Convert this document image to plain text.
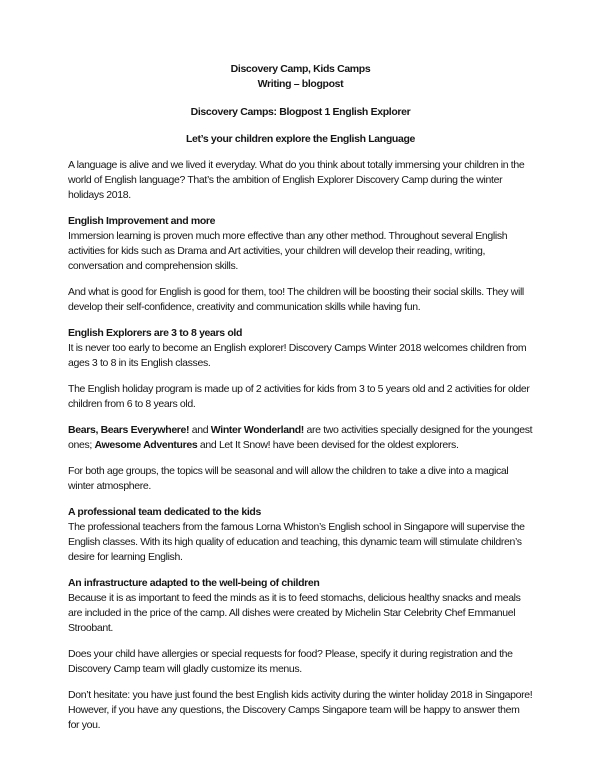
Discovery Camp, Kids Camps
Writing – blogpost

Discovery Camps: Blogpost 1 English Explorer

Let’s your children explore the English Language

A language is alive and we lived it everyday. What do you think about totally immersing your children in the world of English language? That’s the ambition of English Explorer Discovery Camp during the winter holidays 2018.

English Improvement and more

Immersion learning is proven much more effective than any other method. Throughout several English activities for kids such as Drama and Art activities, your children will develop their reading, writing, conversation and comprehension skills.

And what is good for English is good for them, too! The children will be boosting their social skills. They will develop their self-confidence, creativity and communication skills while having fun.

English Explorers are 3 to 8 years old

It is never too early to become an English explorer! Discovery Camps Winter 2018 welcomes children from ages 3 to 8 in its English classes.

The English holiday program is made up of 2 activities for kids from 3 to 5 years old and 2 activities for older children from 6 to 8 years old.

Bears, Bears Everywhere! and Winter Wonderland! are two activities specially designed for the youngest ones; Awesome Adventures and Let It Snow! have been devised for the oldest explorers.

For both age groups, the topics will be seasonal and will allow the children to take a dive into a magical winter atmosphere.

A professional team dedicated to the kids

The professional teachers from the famous Lorna Whiston’s English school in Singapore will supervise the English classes. With its high quality of education and teaching, this dynamic team will stimulate children’s desire for learning English.

An infrastructure adapted to the well-being of children

Because it is as important to feed the minds as it is to feed stomachs, delicious healthy snacks and meals are included in the price of the camp. All dishes were created by Michelin Star Celebrity Chef Emmanuel Stroobant.

Does your child have allergies or special requests for food? Please, specify it during registration and the Discovery Camp team will gladly customize its menus.

Don’t hesitate: you have just found the best English kids activity during the winter holiday 2018 in Singapore! However, if you have any questions, the Discovery Camps Singapore team will be happy to answer them for you.
